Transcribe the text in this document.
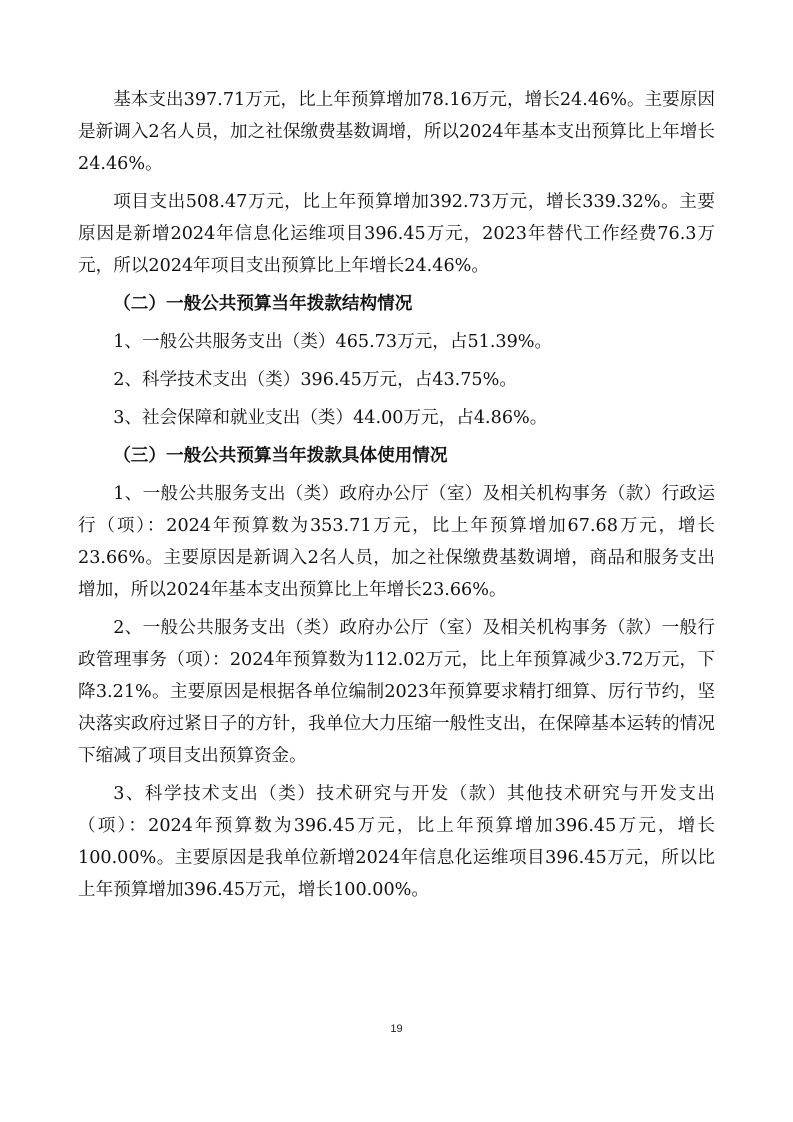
基本支出397.71万元，比上年预算增加78.16万元，增长24.46%。主要原因是新调入2名人员，加之社保缴费基数调增，所以2024年基本支出预算比上年增长24.46%。

项目支出508.47万元，比上年预算增加392.73万元，增长339.32%。主要原因是新增2024年信息化运维项目396.45万元，2023年替代工作经费76.3万元，所以2024年项目支出预算比上年增长24.46%。

（二）一般公共预算当年拨款结构情况

1、一般公共服务支出（类）465.73万元，占51.39%。

2、科学技术支出（类）396.45万元，占43.75%。

3、社会保障和就业支出（类）44.00万元，占4.86%。

（三）一般公共预算当年拨款具体使用情况

1、一般公共服务支出（类）政府办公厅（室）及相关机构事务（款）行政运行（项）：2024年预算数为353.71万元，比上年预算增加67.68万元，增长23.66%。主要原因是新调入2名人员，加之社保缴费基数调增，商品和服务支出增加，所以2024年基本支出预算比上年增长23.66%。

2、一般公共服务支出（类）政府办公厅（室）及相关机构事务（款）一般行政管理事务（项）：2024年预算数为112.02万元，比上年预算减少3.72万元，下降3.21%。主要原因是根据各单位编制2023年预算要求精打细算、厉行节约，坚决落实政府过紧日子的方针，我单位大力压缩一般性支出，在保障基本运转的情况下缩减了项目支出预算资金。

3、科学技术支出（类）技术研究与开发（款）其他技术研究与开发支出（项）：2024年预算数为396.45万元，比上年预算增加396.45万元，增长100.00%。主要原因是我单位新增2024年信息化运维项目396.45万元，所以比上年预算增加396.45万元，增长100.00%。

19
